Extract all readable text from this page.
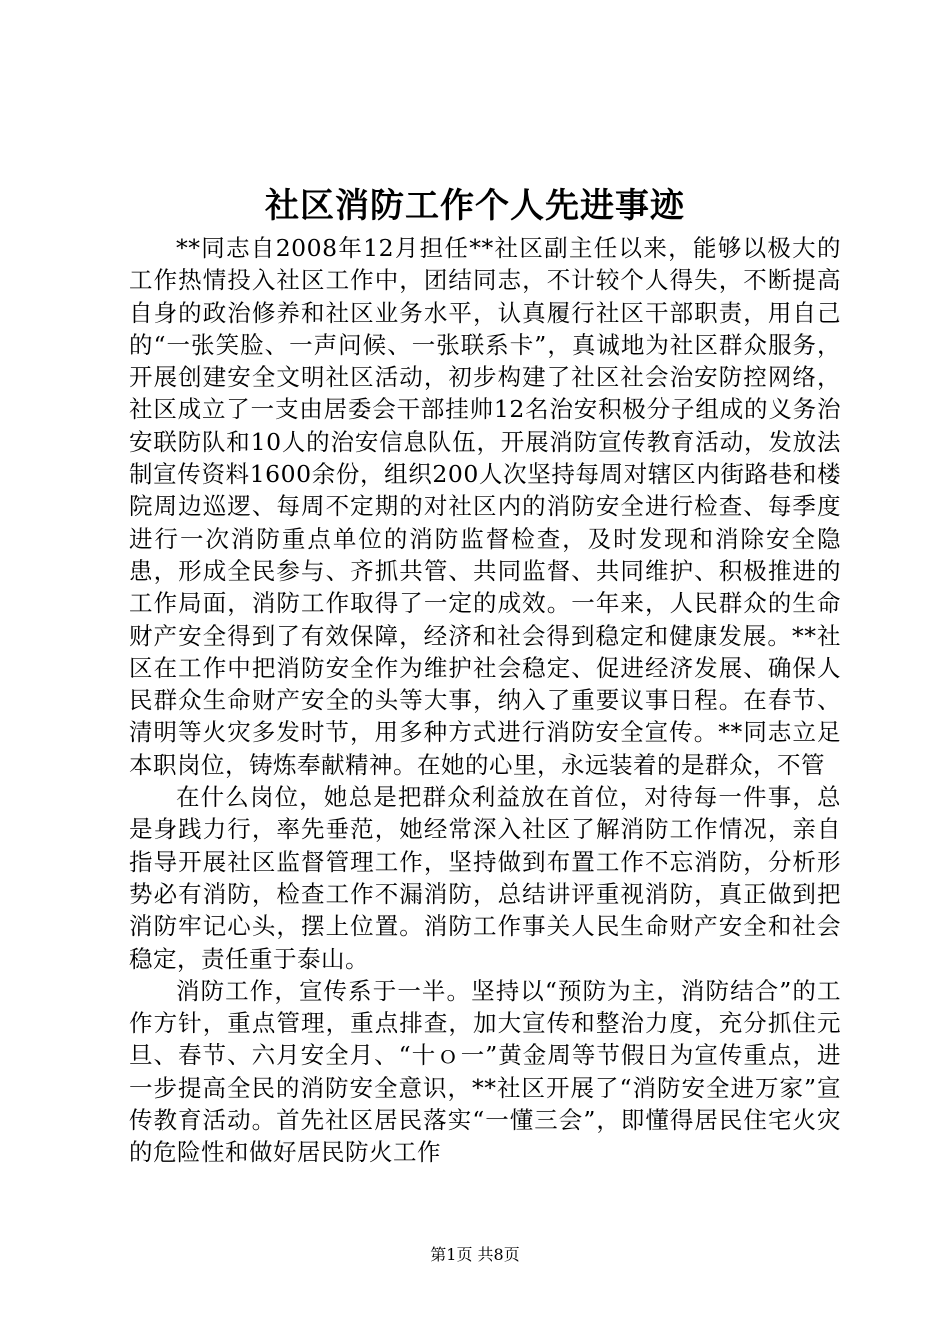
社区消防工作个人先进事迹

**同志自2008年12月担任**社区副主任以来，能够以极大的工作热情投入社区工作中，团结同志，不计较个人得失，不断提高自身的政治修养和社区业务水平，认真履行社区干部职责，用自己的“一张笑脸、一声问候、一张联系卡”，真诚地为社区群众服务，开展创建安全文明社区活动，初步构建了社区社会治安防控网络，社区成立了一支由居委会干部挂帅12名治安积极分子组成的义务治安联防队和10人的治安信息队伍，开展消防宣传教育活动，发放法制宣传资料1600余份，组织200人次坚持每周对辖区内街路巷和楼院周边巡逻、每周不定期的对社区内的消防安全进行检查、每季度进行一次消防重点单位的消防监督检查，及时发现和消除安全隐患，形成全民参与、齐抓共管、共同监督、共同维护、积极推进的工作局面，消防工作取得了一定的成效。一年来，人民群众的生命财产安全得到了有效保障，经济和社会得到稳定和健康发展。**社区在工作中把消防安全作为维护社会稳定、促进经济发展、确保人民群众生命财产安全的头等大事，纳入了重要议事日程。在春节、清明等火灾多发时节，用多种方式进行消防安全宣传。**同志立足本职岗位，铸炼奉献精神。在她的心里，永远装着的是群众，不管

在什么岗位，她总是把群众利益放在首位，对待每一件事，总是身践力行，率先垂范，她经常深入社区了解消防工作情况，亲自指导开展社区监督管理工作，坚持做到布置工作不忘消防，分析形势必有消防，检查工作不漏消防，总结讲评重视消防，真正做到把消防牢记心头，摆上位置。消防工作事关人民生命财产安全和社会稳定，责任重于泰山。

消防工作，宣传系于一半。坚持以“预防为主，消防结合”的工作方针，重点管理，重点排查，加大宣传和整治力度，充分抓住元旦、春节、六月安全月、“十ｏ一”黄金周等节假日为宣传重点，进一步提高全民的消防安全意识，**社区开展了“消防安全进万家”宣传教育活动。首先社区居民落实“一懂三会”，即懂得居民住宅火灾的危险性和做好居民防火工作

第1页 共8页
